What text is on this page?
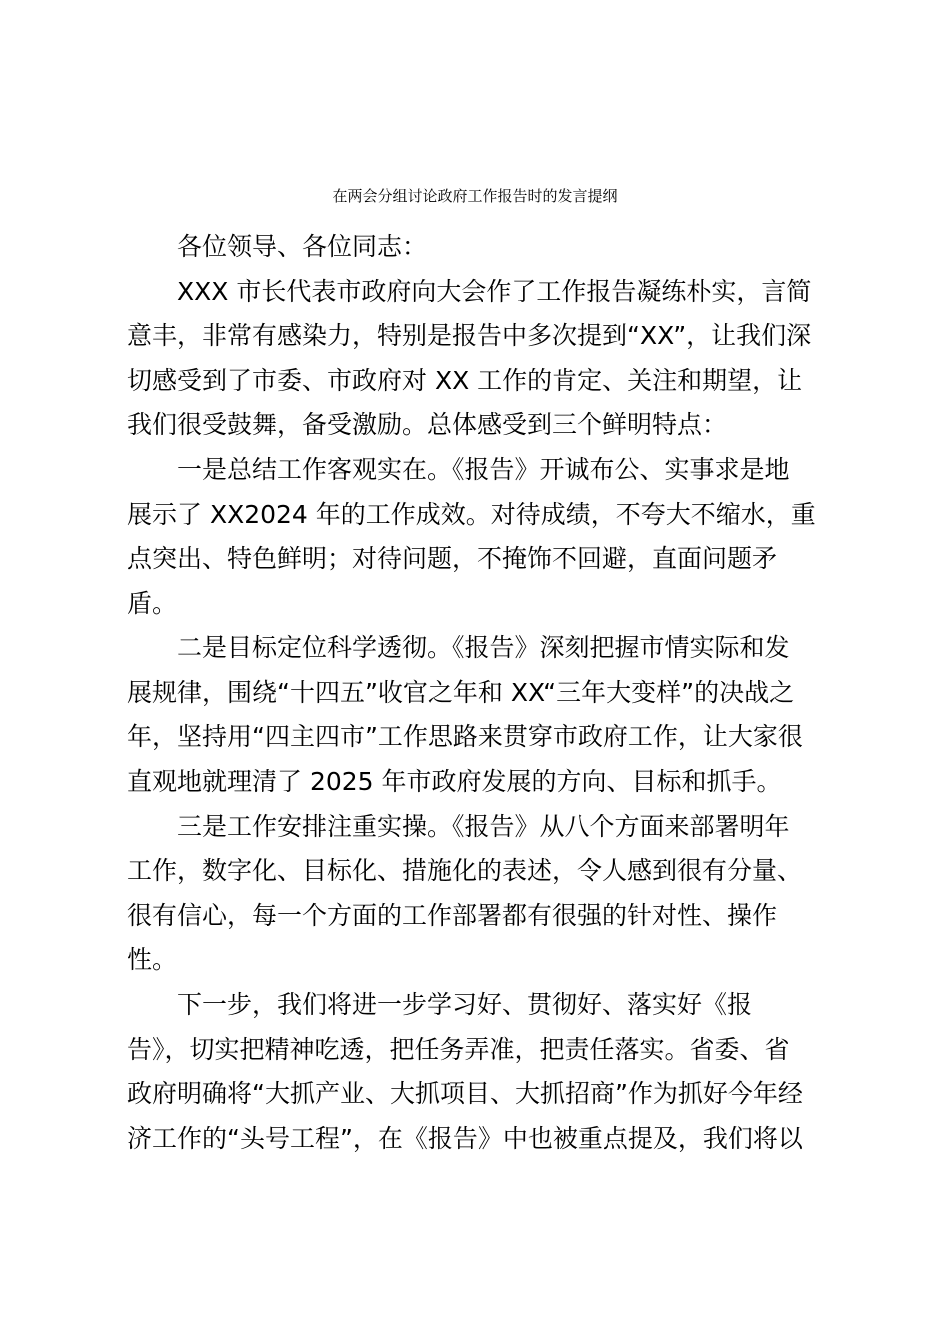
在两会分组讨论政府工作报告时的发言提纲
各位领导、各位同志：
XXX 市长代表市政府向大会作了工作报告凝练朴实，言简
意丰，非常有感染力，特别是报告中多次提到“XX”，让我们深
切感受到了市委、市政府对 XX 工作的肯定、关注和期望，让
我们很受鼓舞，备受激励。总体感受到三个鲜明特点：
一是总结工作客观实在。《报告》开诚布公、实事求是地
展示了 XX2024 年的工作成效。对待成绩，不夸大不缩水，重
点突出、特色鲜明；对待问题，不掩饰不回避，直面问题矛
盾。
二是目标定位科学透彻。《报告》深刻把握市情实际和发
展规律，围绕“十四五”收官之年和 XX“三年大变样”的决战之
年，坚持用“四主四市”工作思路来贯穿市政府工作，让大家很
直观地就理清了 2025 年市政府发展的方向、目标和抓手。
三是工作安排注重实操。《报告》从八个方面来部署明年
工作，数字化、目标化、措施化的表述，令人感到很有分量、
很有信心，每一个方面的工作部署都有很强的针对性、操作
性。
下一步，我们将进一步学习好、贯彻好、落实好《报
告》，切实把精神吃透，把任务弄准，把责任落实。省委、省
政府明确将“大抓产业、大抓项目、大抓招商”作为抓好今年经
济工作的“头号工程”，在《报告》中也被重点提及，我们将以
